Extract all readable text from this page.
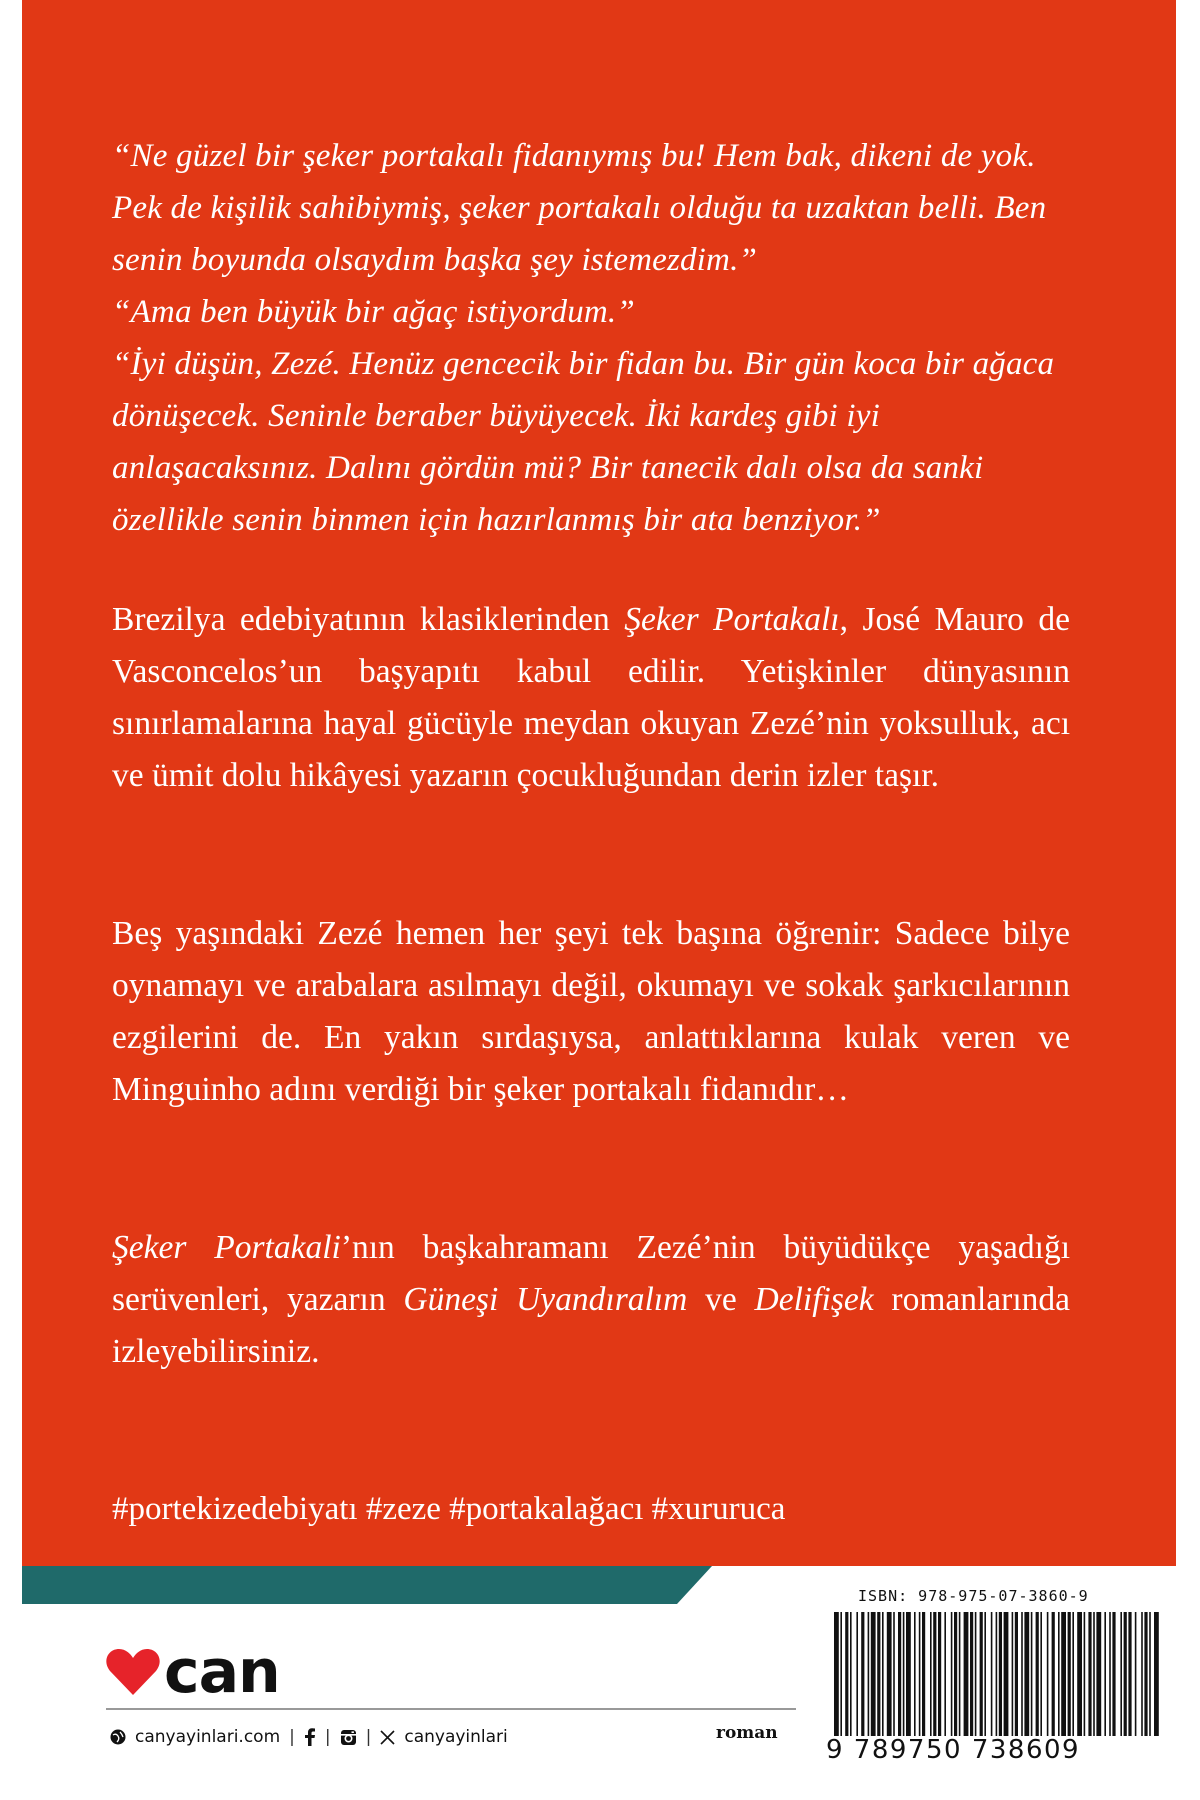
“Ne güzel bir şeker portakalı fidanıymış bu! Hem bak, dikeni de yok. Pek de kişilik sahibiymiş, şeker portakalı olduğu ta uzaktan belli. Ben senin boyunda olsaydım başka şey istemezdim.”

“Ama ben büyük bir ağaç istiyordum.”

“İyi düşün, Zezé. Henüz gencecik bir fidan bu. Bir gün koca bir ağaca dönüşecek. Seninle beraber büyüyecek. İki kardeş gibi iyi anlaşacaksınız. Dalını gördün mü? Bir tanecik dalı olsa da sanki özellikle senin binmen için hazırlanmış bir ata benziyor.”

Brezilya edebiyatının klasiklerinden Şeker Portakalı, José Mauro de Vasconcelos’un başyapıtı kabul edilir. Yetişkinler dünyasının sınırlamalarına hayal gücüyle meydan okuyan Zezé’nin yoksulluk, acı ve ümit dolu hikâyesi yazarın çocukluğundan derin izler taşır.

Beş yaşındaki Zezé hemen her şeyi tek başına öğrenir: Sadece bilye oynamayı ve arabalara asılmayı değil, okumayı ve sokak şarkıcılarının ezgilerini de. En yakın sırdaşıysa, anlattıklarına kulak veren ve Minguinho adını verdiği bir şeker portakalı fidanıdır…

Şeker Portakali’nın başkahramanı Zezé’nin büyüdükçe yaşadığı serüvenleri, yazarın Güneşi Uyandıralım ve Delifişek romanlarında izleyebilirsiniz.

#portekizedebiyatı #zeze #portakalağacı #xururuca
can
canyayinlari.com | | | canyayinlari	roman
ISBN: 978-975-07-3860-9
9 789750 738609
